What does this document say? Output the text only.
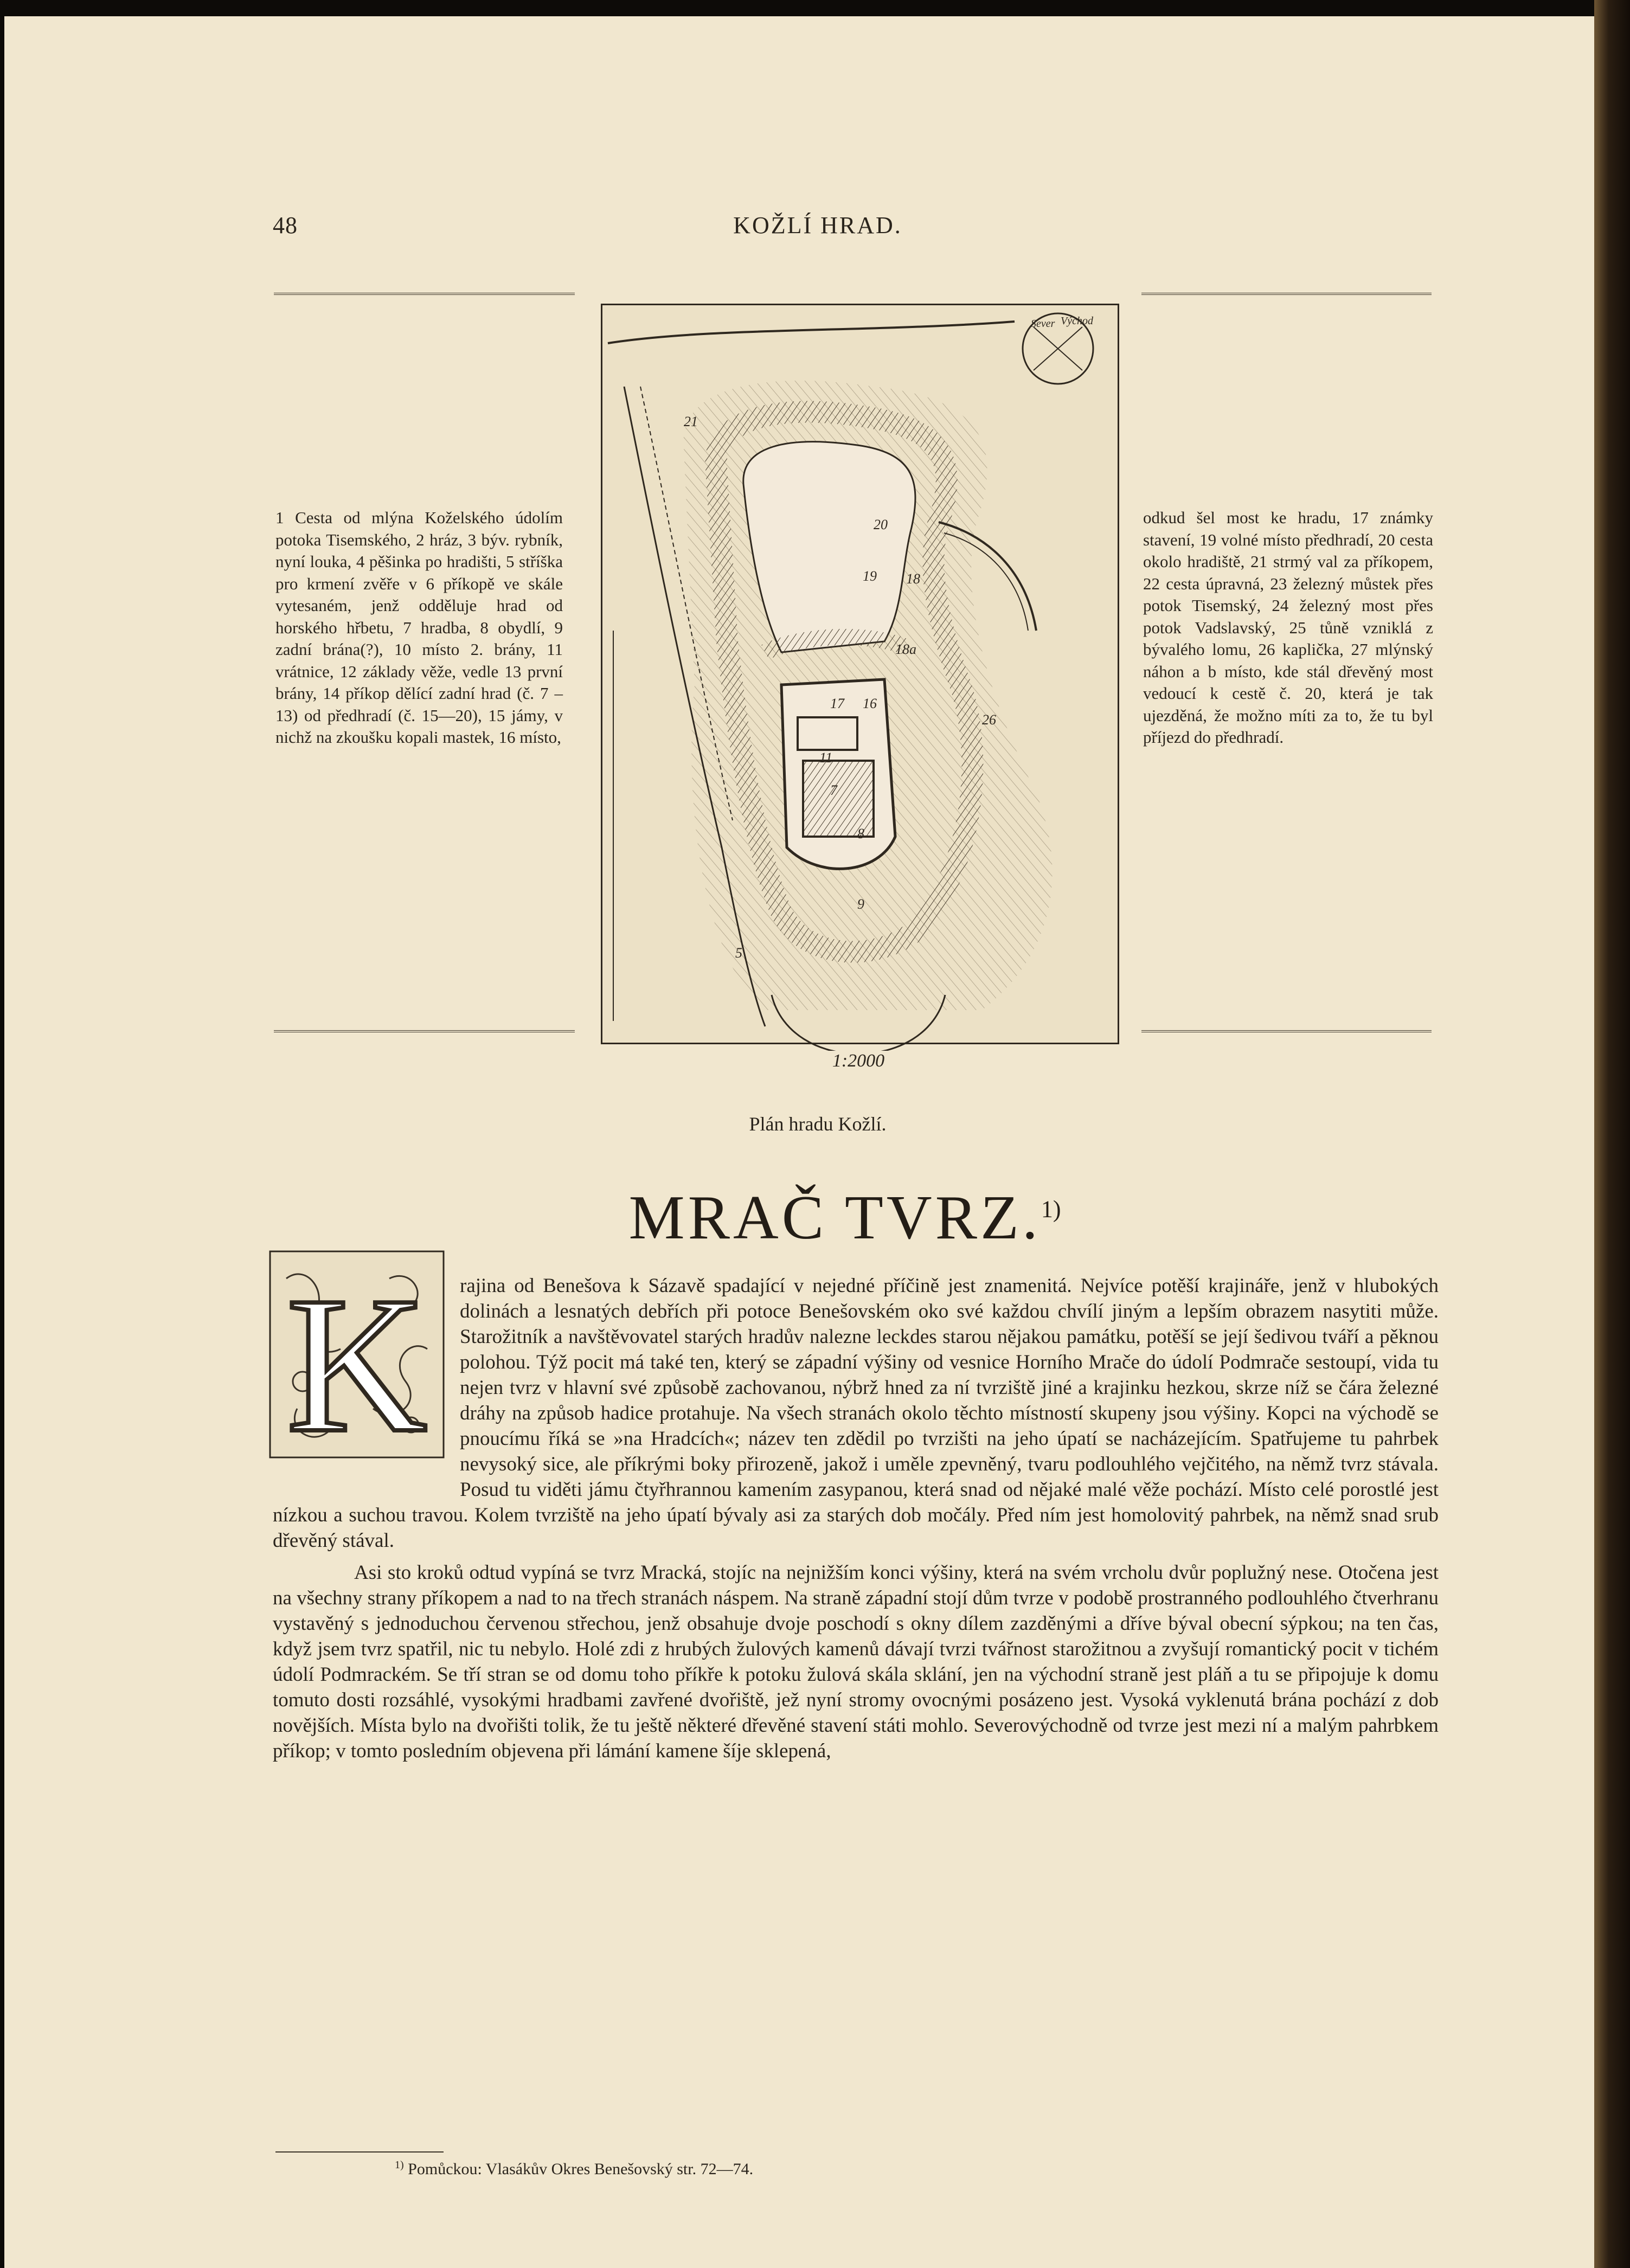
48	KOŽLÍ HRAD.
1 Cesta od mlýna Koželského údolím potoka Tisemského, 2 hráz, 3 býv. rybník, nyní louka, 4 pěšinka po hradišti, 5 stříška pro krmení zvěře v 6 příkopě ve skále vytesaném, jenž odděluje hrad od horského hřbetu, 7 hradba, 8 obydlí, 9 zadní brána(?), 10 místo 2. brány, 11 vrátnice, 12 základy věže, vedle 13 první brány, 14 příkop dělící zadní hrad (č. 7 – 13) od předhradí (č. 15—20), 15 jámy, v nichž na zkoušku kopali mastek, 16 místo,
odkud šel most ke hradu, 17 známky stavení, 19 volné místo předhradí, 20 cesta okolo hradiště, 21 strmý val za příkopem, 22 cesta úpravná, 23 železný můstek přes potok Tisemský, 24 železný most přes potok Vadslavský, 25 tůně vzniklá z bývalého lomu, 26 kaplička, 27 mlýnský náhon a b místo, kde stál dřevěný most vedoucí k cestě č. 20, která je tak ujezděná, že možno míti za to, že tu byl příjezd do předhradí.
Sever Východ
21
20
19 18
18a
17 16
11
7
8
9
5
26
1:2000
Plán hradu Kožlí.
MRAČ TVRZ.$^{1)}$
K	rajina od Benešova k Sázavě spadající v nejedné příčině jest znamenitá. Nejvíce potěší krajináře, jenž v hlubokých dolinách a lesnatých debřích při potoce Benešovském oko své každou chvílí jiným a lepším obrazem nasytiti může. Starožitník a navštěvovatel starých hradův nalezne leckdes starou nějakou památku, potěší se její šedivou tváří a pěknou polohou. Týž pocit má také ten, který se západní výšiny od vesnice Horního Mrače do údolí Podmrače sestoupí, vida tu nejen tvrz v hlavní své způsobě zachovanou, nýbrž hned za ní tvrziště jiné a krajinku hezkou, skrze níž se čára železné dráhy na způsob hadice protahuje. Na všech stranách okolo těchto místností skupeny jsou výšiny. Kopci na východě se pnoucímu říká se »na Hradcích«; název ten zdědil po tvrzišti na jeho úpatí se nacházejícím. Spatřujeme tu pahrbek nevysoký sice, ale příkrými boky přirozeně, jakož i uměle zpevněný, tvaru podlouhlého vejčitého, na němž tvrz stávala. Posud tu viděti jámu čtyřhrannou kamením zasypanou, která snad od nějaké malé věže pochází. Místo celé porostlé jest nízkou a suchou travou. Kolem tvrziště na jeho úpatí bývaly asi za starých dob močály. Před ním jest homolovitý pahrbek, na němž snad srub dřevěný stával.

Asi sto kroků odtud vypíná se tvrz Mracká, stojíc na nejnižším konci výšiny, která na svém vrcholu dvůr poplužný nese. Otočena jest na všechny strany příkopem a nad to na třech stranách náspem. Na straně západní stojí dům tvrze v podobě prostranného podlouhlého čtverhranu vystavěný s jednoduchou červenou střechou, jenž obsahuje dvoje poschodí s okny dílem zazděnými a dříve býval obecní sýpkou; na ten čas, když jsem tvrz spatřil, nic tu nebylo. Holé zdi z hrubých žulových kamenů dávají tvrzi tvářnost starožitnou a zvyšují romantický pocit v tichém údolí Podmrackém. Se tří stran se od domu toho příkře k potoku žulová skála sklání, jen na východní straně jest pláň a tu se připojuje k domu tomuto dosti rozsáhlé, vysokými hradbami zavřené dvořiště, jež nyní stromy ovocnými posázeno jest. Vysoká vyklenutá brána pochází z dob novějších. Místa bylo na dvořišti tolik, že tu ještě některé dřevěné stavení státi mohlo. Severovýchodně od tvrze jest mezi ní a malým pahrbkem příkop; v tomto posledním objevena při lámání kamene šíje sklepená,

$^{1)}$ Pomůckou: Vlasákův Okres Benešovský str. 72—74.
